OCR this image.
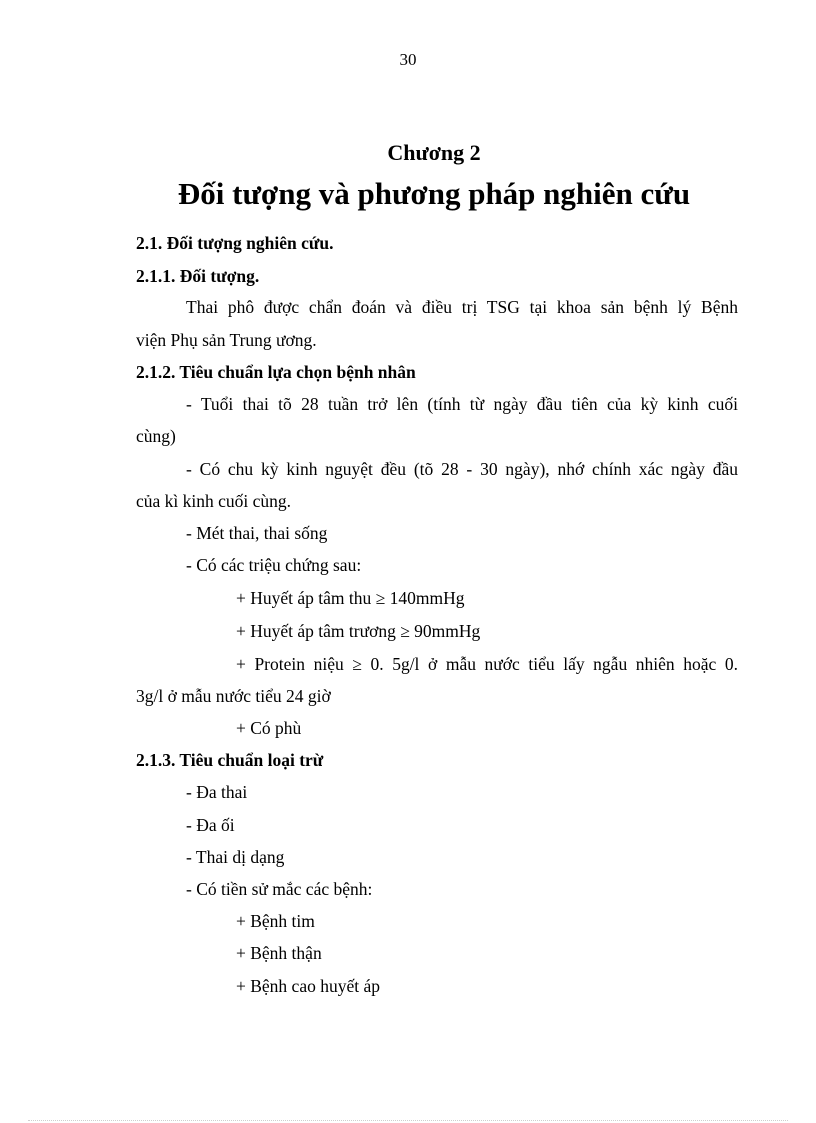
30
Chương 2
Đối tượng và phương pháp nghiên cứu
2.1. Đối tượng nghiên cứu.
2.1.1. Đối tượng.
Thai phô được chẩn đoán và điều trị TSG tại khoa sản bệnh lý Bệnh
viện Phụ sản Trung ương.
2.1.2. Tiêu chuẩn lựa chọn bệnh nhân
- Tuổi thai tõ 28 tuần trở lên (tính từ ngày đầu tiên của kỳ kinh cuối
cùng)
- Có chu kỳ kinh nguyệt đều (tõ 28 - 30 ngày), nhớ chính xác ngày đầu
của kì kinh cuối cùng.
- Mét thai, thai sống
- Có các triệu chứng sau:
+ Huyết áp tâm thu ≥ 140mmHg
+ Huyết áp tâm trương ≥ 90mmHg
+ Protein niệu ≥ 0. 5g/l ở mẫu nước tiểu lấy ngẫu nhiên hoặc 0.
3g/l ở mẫu nước tiểu 24 giờ
+ Có phù
2.1.3. Tiêu chuẩn loại trừ
- Đa thai
- Đa ối
- Thai dị dạng
- Có tiền sử mắc các bệnh:
+ Bệnh tim
+ Bệnh thận
+ Bệnh cao huyết áp
